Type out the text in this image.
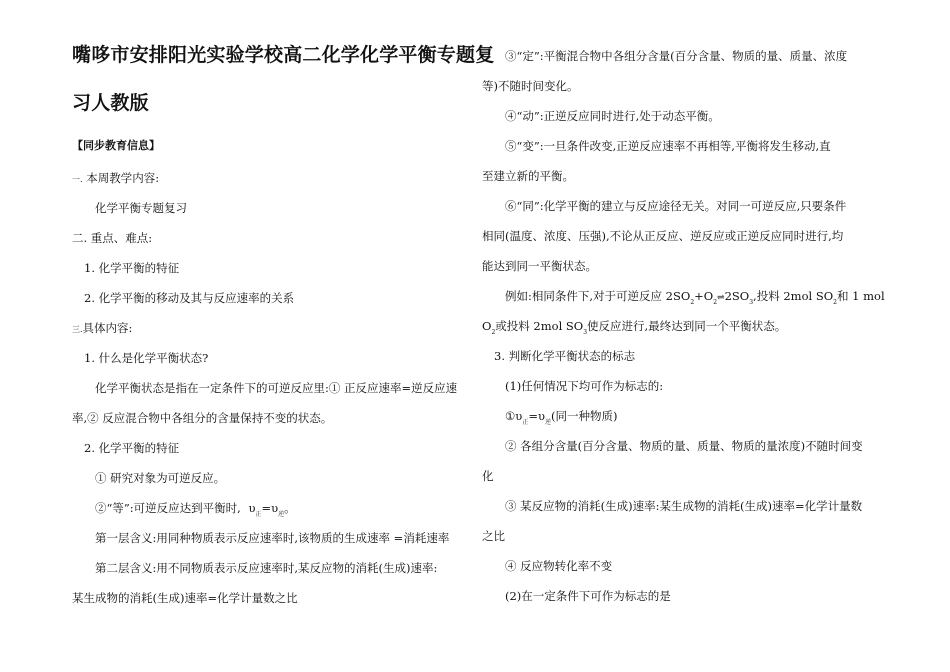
嘴哆市安排阳光实验学校高二化学化学平衡专题复
习人教版
【同步教育信息】
一. 本周教学内容:
化学平衡专题复习
二. 重点、难点:
1. 化学平衡的特征
2. 化学平衡的移动及其与反应速率的关系
三.具体内容:
1. 什么是化学平衡状态?
化学平衡状态是指在一定条件下的可逆反应里:① 正反应速率=逆反应速
率,② 反应混合物中各组分的含量保持不变的状态。
2. 化学平衡的特征
① 研究对象为可逆反应。
②“等”:可逆反应达到平衡时, $\upsilon_正=\upsilon_逆$。
第一层含义:用同种物质表示反应速率时,该物质的生成速率 =消耗速率
第二层含义:用不同物质表示反应速率时,某反应物的消耗(生成)速率:
某生成物的消耗(生成)速率=化学计量数之比
③“定”:平衡混合物中各组分含量(百分含量、物质的量、质量、浓度
等)不随时间变化。
④“动”:正逆反应同时进行,处于动态平衡。
⑤“变”:一旦条件改变,正逆反应速率不再相等,平衡将发生移动,直
至建立新的平衡。
⑥“同”:化学平衡的建立与反应途径无关。对同一可逆反应,只要条件
相同(温度、浓度、压强),不论从正反应、逆反应或正逆反应同时进行,均
能达到同一平衡状态。
例如:相同条件下,对于可逆反应 $2SO_2+O_2\rightleftharpoons 2SO_3$,投料 2mol $SO_2$和 1 mol
$O_2$或投料 2mol $SO_3$使反应进行,最终达到同一个平衡状态。
3. 判断化学平衡状态的标志
(1)任何情况下均可作为标志的:
$①\upsilon_正=\upsilon_逆$(同一种物质)
② 各组分含量(百分含量、物质的量、质量、物质的量浓度)不随时间变
化
③ 某反应物的消耗(生成)速率:某生成物的消耗(生成)速率=化学计量数
之比
④ 反应物转化率不变
(2)在一定条件下可作为标志的是
